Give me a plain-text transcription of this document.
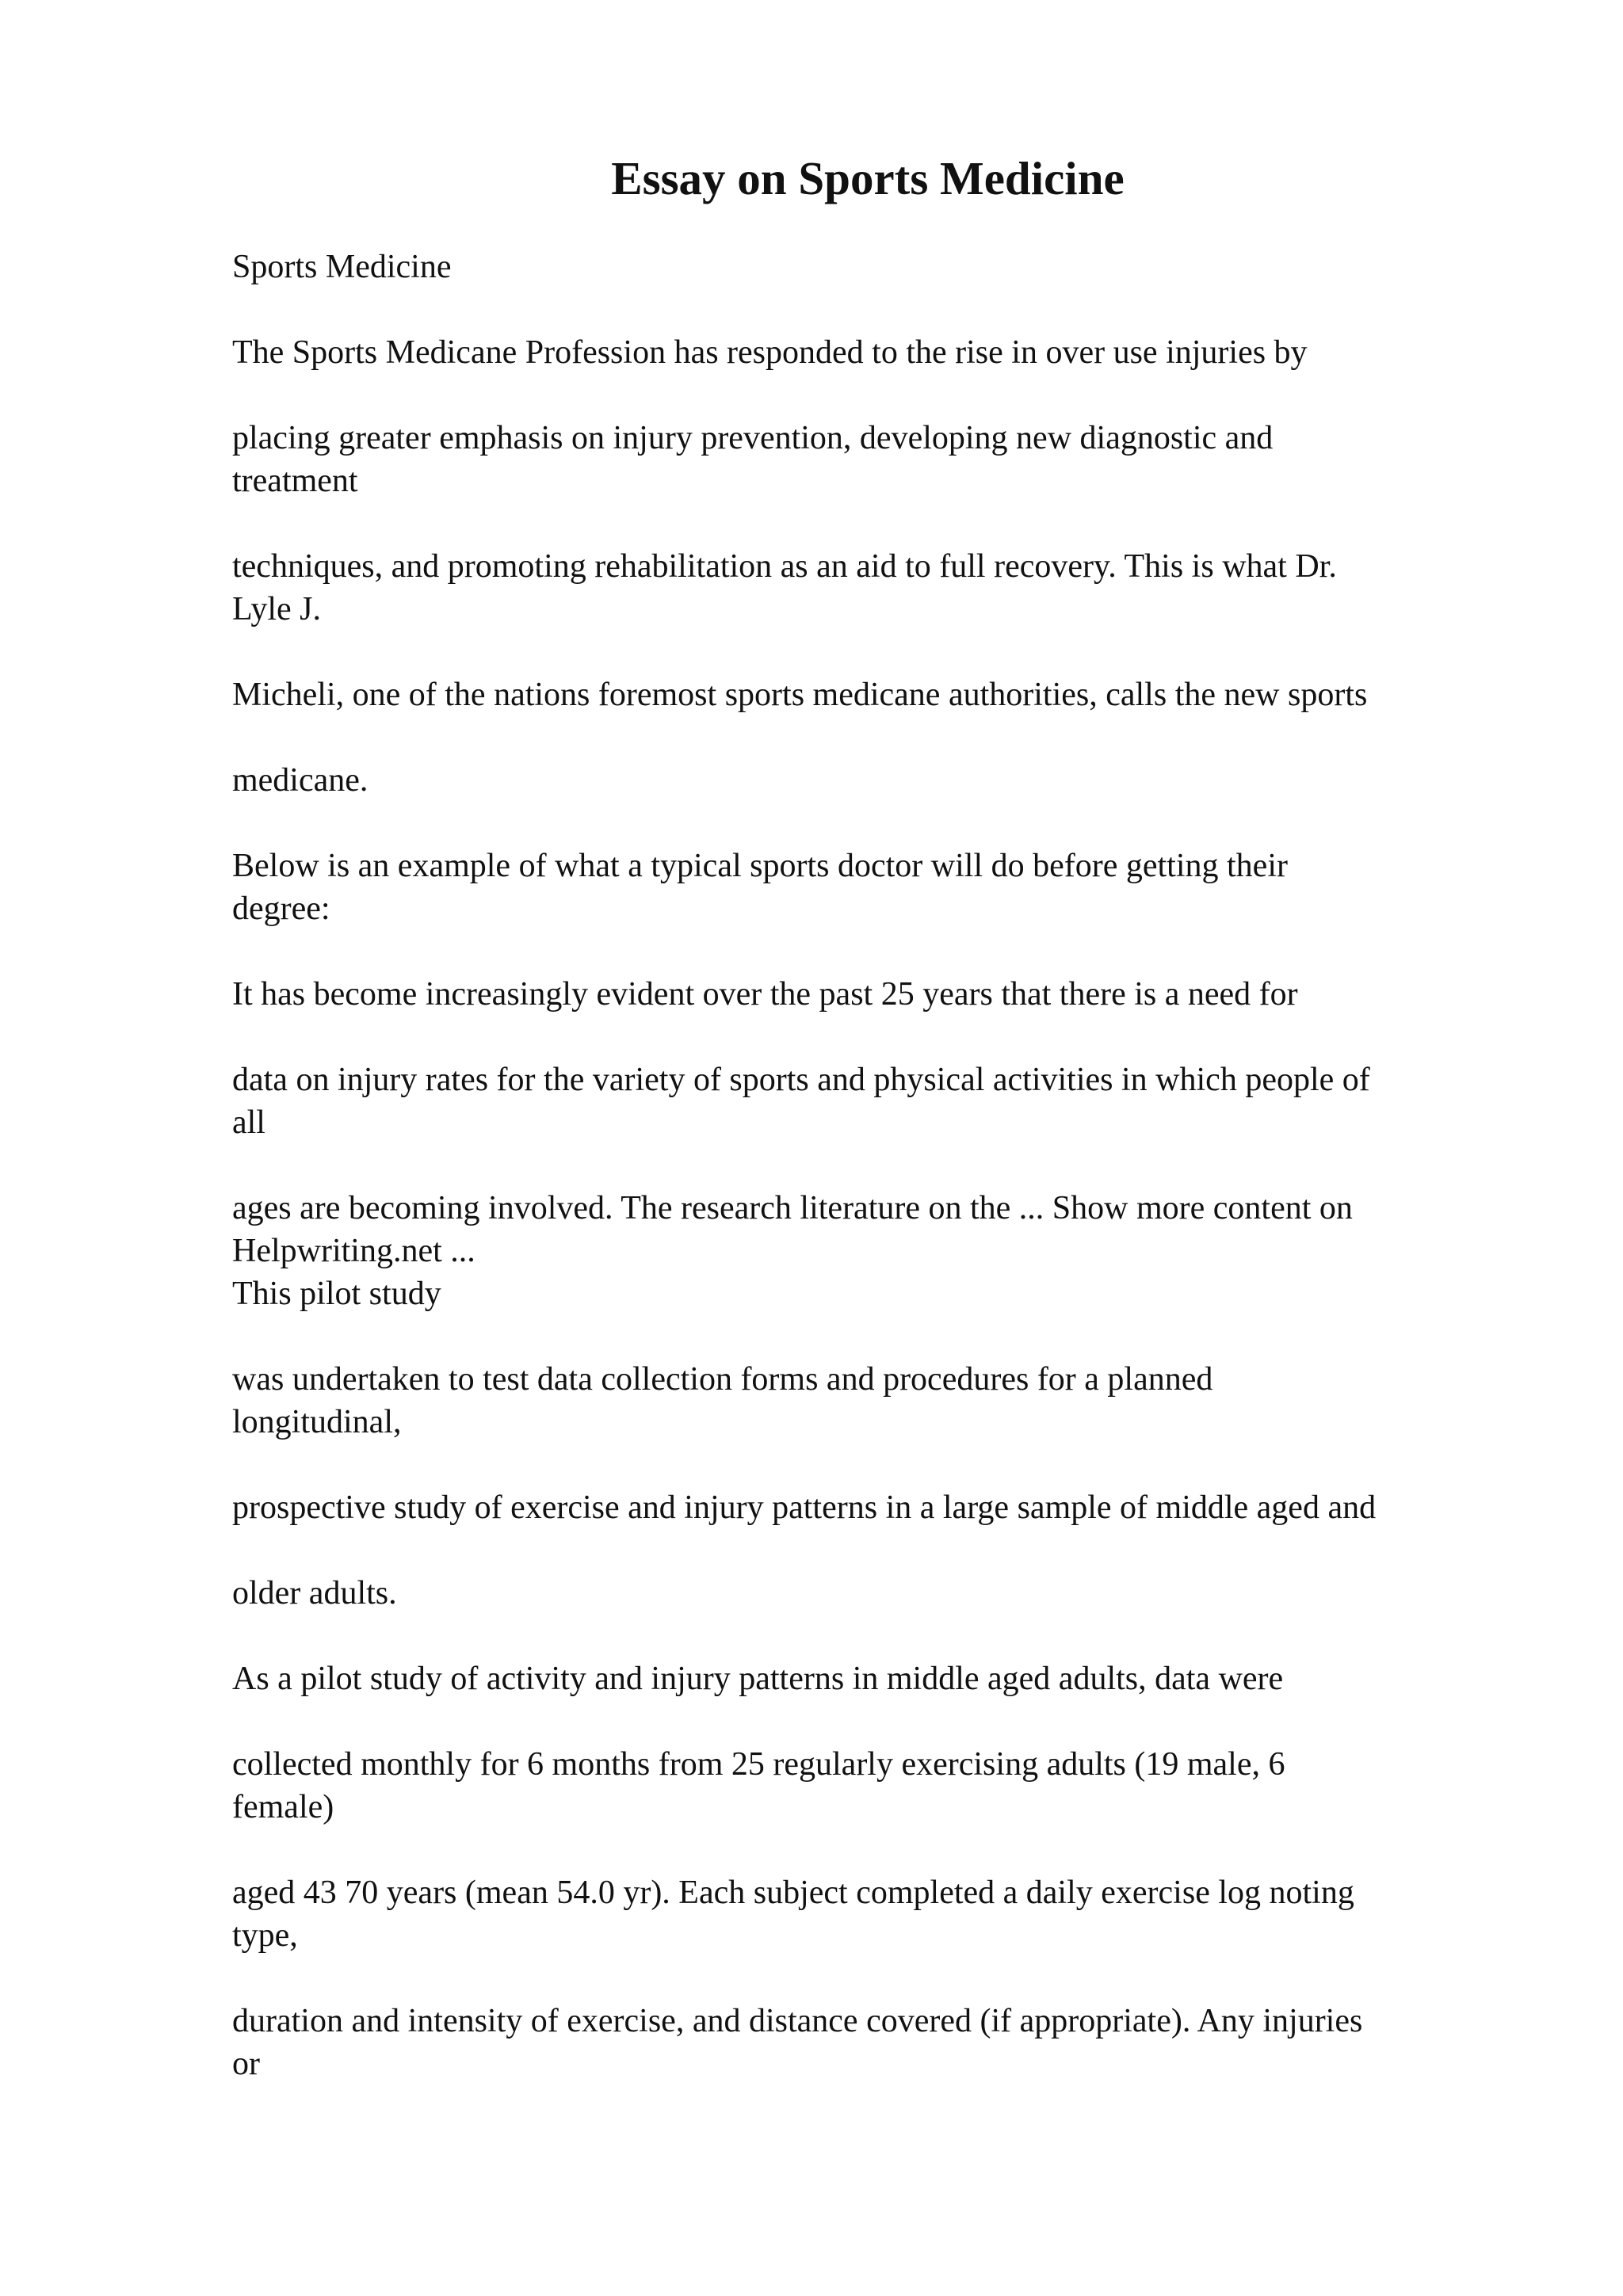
Essay on Sports Medicine

Sports Medicine

The Sports Medicane Profession has responded to the rise in over use injuries by

placing greater emphasis on injury prevention, developing new diagnostic and
treatment

techniques, and promoting rehabilitation as an aid to full recovery. This is what Dr.
Lyle J.

Micheli, one of the nations foremost sports medicane authorities, calls the new sports

medicane.

Below is an example of what a typical sports doctor will do before getting their
degree:

It has become increasingly evident over the past 25 years that there is a need for

data on injury rates for the variety of sports and physical activities in which people of
all

ages are becoming involved. The research literature on the ... Show more content on
Helpwriting.net ...

This pilot study

was undertaken to test data collection forms and procedures for a planned
longitudinal,

prospective study of exercise and injury patterns in a large sample of middle aged and

older adults.

As a pilot study of activity and injury patterns in middle aged adults, data were

collected monthly for 6 months from 25 regularly exercising adults (19 male, 6
female)

aged 43 70 years (mean 54.0 yr). Each subject completed a daily exercise log noting
type,

duration and intensity of exercise, and distance covered (if appropriate). Any injuries
or
